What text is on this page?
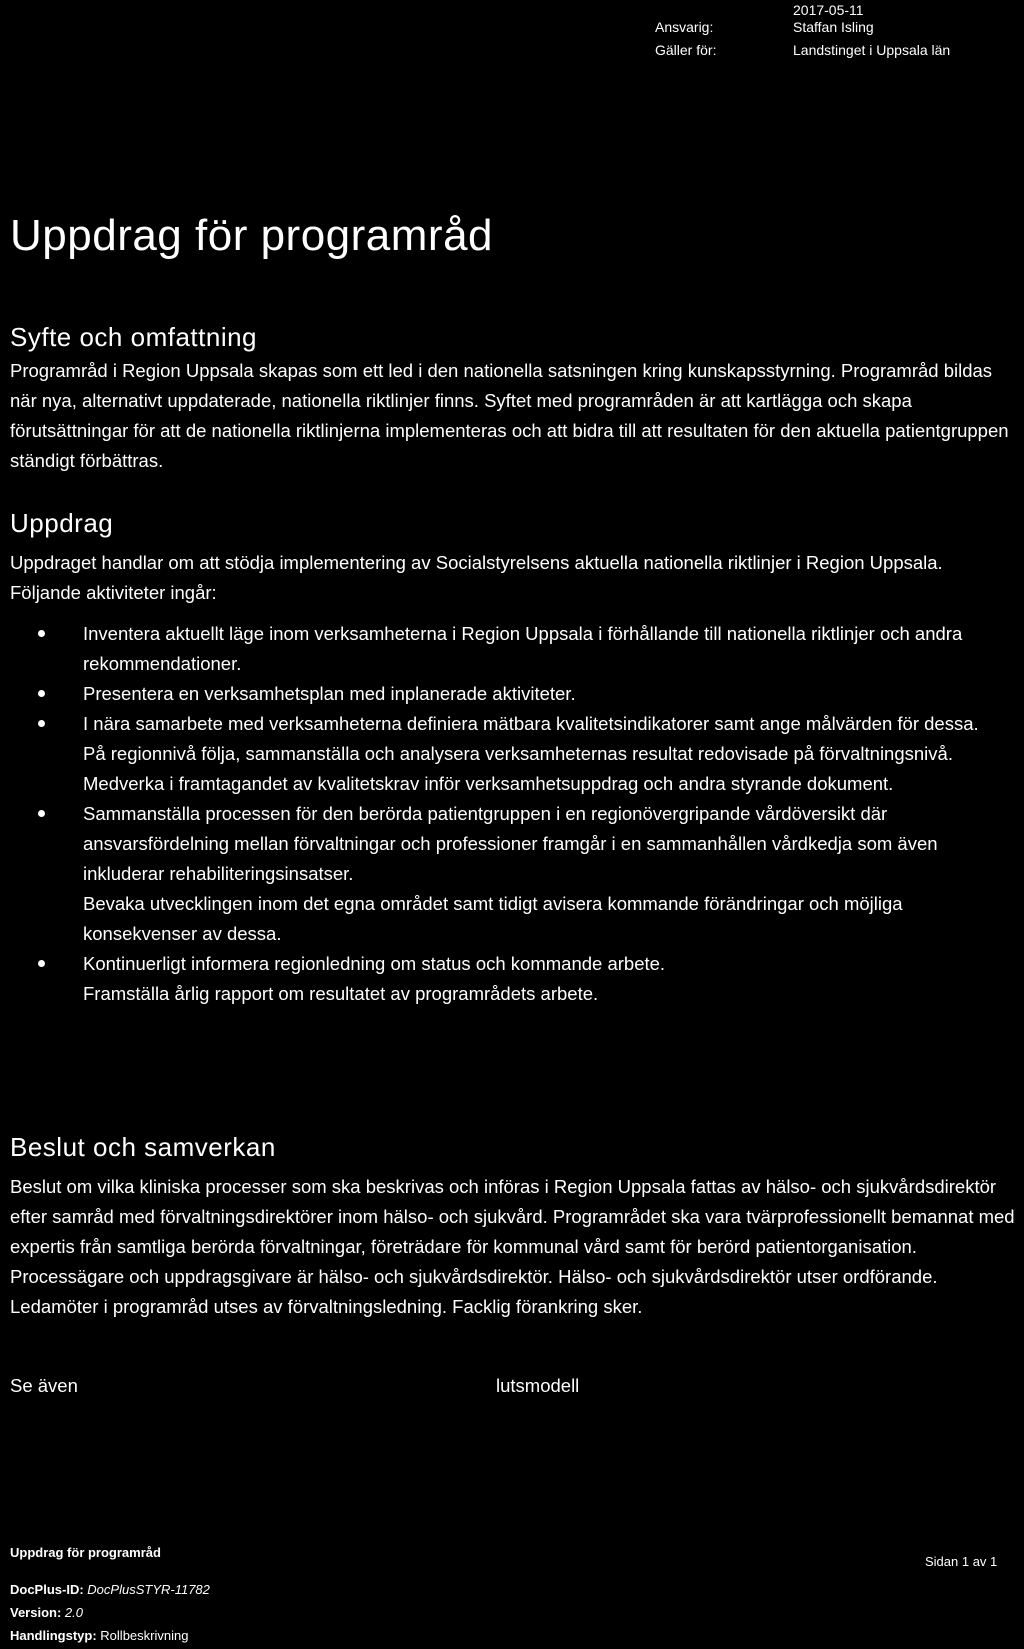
2017-05-11
Ansvarig:	Staffan Isling
Gäller för:	Landstinget i Uppsala län
Uppdrag för programråd
Syfte och omfattning

Programråd i Region Uppsala skapas som ett led i den nationella satsningen kring kunskapsstyrning. Programråd bildas när nya, alternativt uppdaterade, nationella riktlinjer finns. Syftet med programråden är att kartlägga och skapa förutsättningar för att de nationella riktlinjerna implementeras och att bidra till att resultaten för den aktuella patientgruppen ständigt förbättras.

Uppdrag

Uppdraget handlar om att stödja implementering av Socialstyrelsens aktuella nationella riktlinjer i Region Uppsala. Följande aktiviteter ingår:

Inventera aktuellt läge inom verksamheterna i Region Uppsala i förhållande till nationella riktlinjer och andra rekommendationer.
Presentera en verksamhetsplan med inplanerade aktiviteter.
I nära samarbete med verksamheterna definiera mätbara kvalitetsindikatorer samt ange målvärden för dessa.
På regionnivå följa, sammanställa och analysera verksamheternas resultat redovisade på förvaltningsnivå.
Medverka i framtagandet av kvalitetskrav inför verksamhetsuppdrag och andra styrande dokument.
Sammanställa processen för den berörda patientgruppen i en regionövergripande vårdöversikt där ansvarsfördelning mellan förvaltningar och professioner framgår i en sammanhållen vårdkedja som även inkluderar rehabiliteringsinsatser.
Bevaka utvecklingen inom det egna området samt tidigt avisera kommande förändringar och möjliga konsekvenser av dessa.
Kontinuerligt informera regionledning om status och kommande arbete.
Framställa årlig rapport om resultatet av programrådets arbete.
Beslut och samverkan

Beslut om vilka kliniska processer som ska beskrivas och införas i Region Uppsala fattas av hälso- och sjukvårdsdirektör efter samråd med förvaltningsdirektörer inom hälso- och sjukvård. Programrådet ska vara tvärprofessionellt bemannat med expertis från samtliga berörda förvaltningar, företrädare för kommunal vård samt för berörd patientorganisation. Processägare och uppdragsgivare är hälso- och sjukvårdsdirektör. Hälso- och sjukvårdsdirektör utser ordförande. Ledamöter i programråd utses av förvaltningsledning. Facklig förankring sker.

Se även	lutsmodell
Uppdrag för programråd
Sidan 1 av 1
DocPlus-ID: DocPlusSTYR-11782
Version: 2.0
Handlingstyp: Rollbeskrivning
